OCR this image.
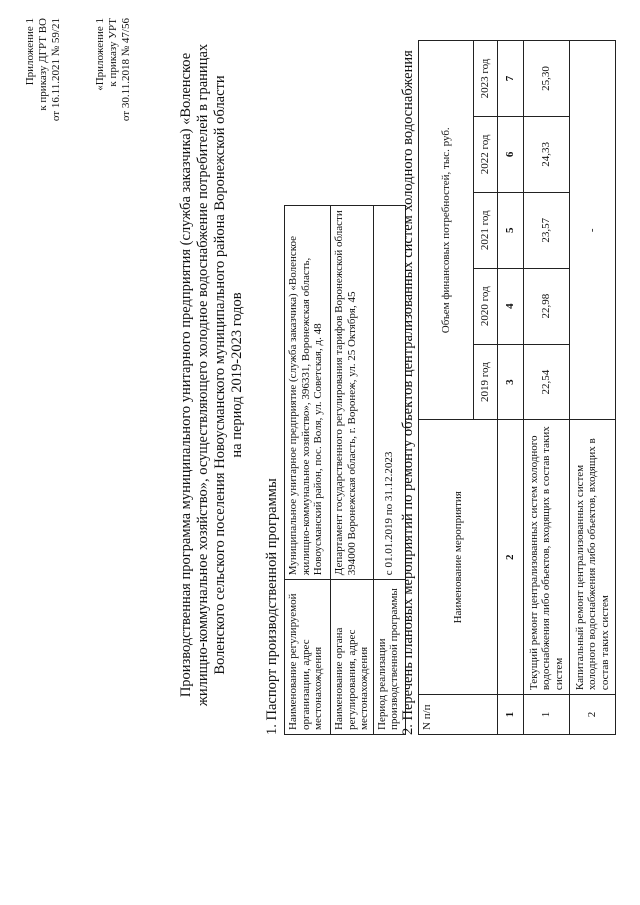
Приложение 1 к приказу ДГРТ ВО от 16.11.2021 № 59/21	«Приложение 1 к приказу УРТ от 30.11.2018 № 47/56	Производственная программа муниципального унитарного предприятия (служба заказчика) «Воленское жилищно-коммунальное хозяйство», осуществляющего холодное водоснабжение потребителей в границах Воленского сельского поселения Новоусманского муниципального района Воронежской области на период 2019-2023 годов
1. Паспорт производственной программы Наименование регулируемой организации, адрес местонахождения	Муниципальное унитарное предприятие (служба заказчика) «Воленское жилищно-коммунальное хозяйство», 396331, Воронежская область, Новоусманский район, пос. Воля, ул. Советская, д. 48
Наименование органа регулирования, адрес местонахождения	Департамент государственного регулирования тарифов Воронежской области 394000 Воронежская область, г. Воронеж, ул. 25 Октября, 45
Период реализации производственной программы	с 01.01.2019 по 31.12.2023 2. Перечень плановых мероприятий по ремонту объектов централизованных систем холодного водоснабжения N п/п	Наименование мероприятия	Объем финансовых потребностей, тыс. руб.				
		2019 год	2020 год	2021 год	2022 год	2023 год
1	2	3	4	5	6	7
1	Текущий ремонт централизованных систем холодного водоснабжения либо объектов, входящих в состав таких систем	22,54	22,98	23,57	24,33	25,30
2	Капитальный ремонт централизованных систем холодного водоснабжения либо объектов, входящих в состав таких систем	-				
